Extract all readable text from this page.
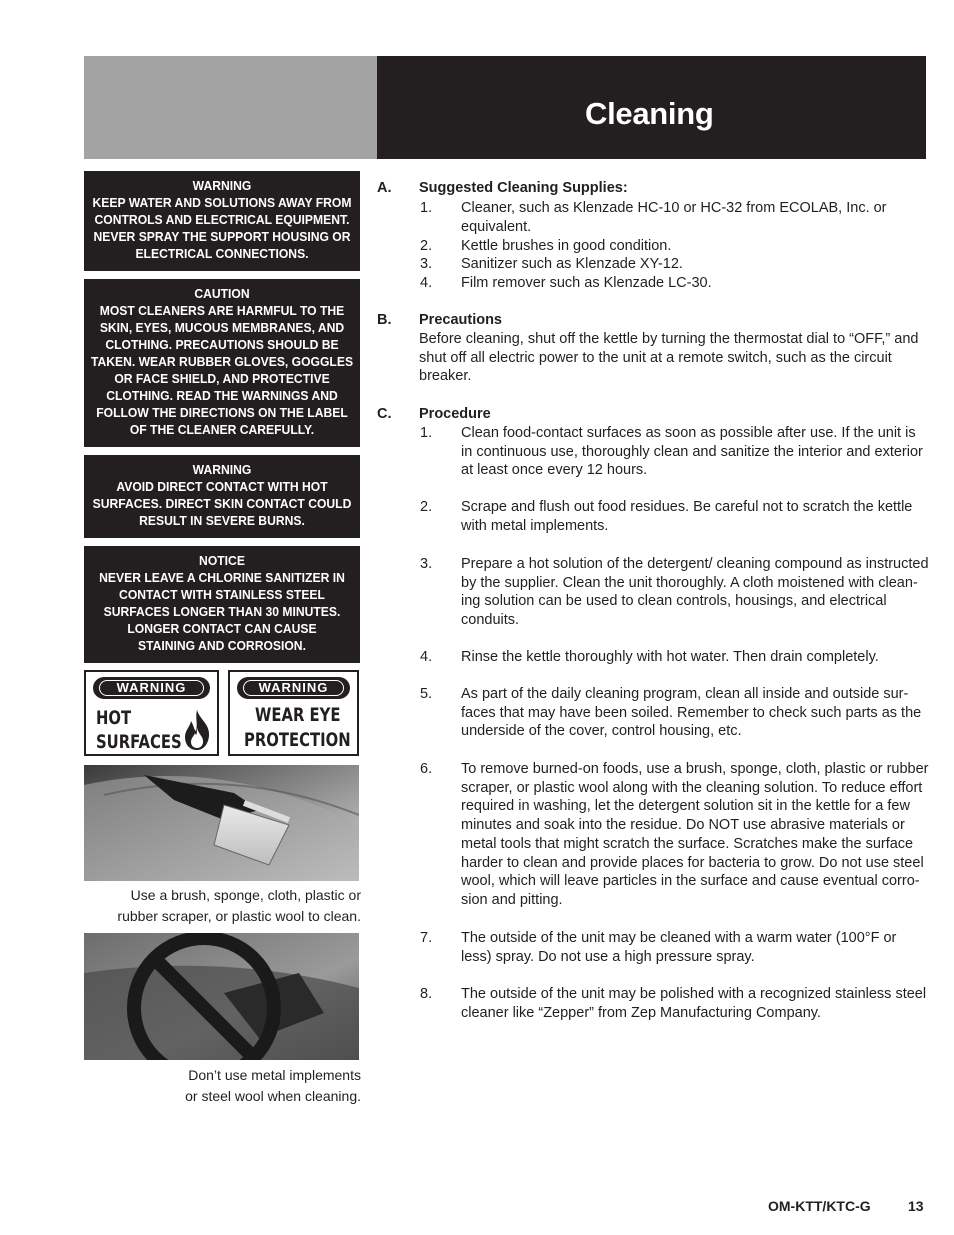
Cleaning
WARNING
KEEP WATER AND SOLUTIONS AWAY FROM
CONTROLS AND ELECTRICAL EQUIPMENT.
NEVER SPRAY THE SUPPORT HOUSING OR
ELECTRICAL CONNECTIONS.
CAUTION
MOST CLEANERS ARE HARMFUL TO THE
SKIN, EYES, MUCOUS MEMBRANES, AND
CLOTHING. PRECAUTIONS SHOULD BE
TAKEN. WEAR RUBBER GLOVES, GOGGLES
OR FACE SHIELD, AND PROTECTIVE
CLOTHING. READ THE WARNINGS AND
FOLLOW THE DIRECTIONS ON THE LABEL
OF THE CLEANER CAREFULLY.
WARNING
AVOID DIRECT CONTACT WITH HOT
SURFACES. DIRECT SKIN CONTACT COULD
RESULT IN SEVERE BURNS.
NOTICE
NEVER LEAVE A CHLORINE SANITIZER IN
CONTACT WITH STAINLESS STEEL
SURFACES LONGER THAN 30 MINUTES.
LONGER CONTACT CAN CAUSE
STAINING AND CORROSION.
WARNING
HOT
SURFACES
WARNING
WEAR EYE
PROTECTION
Use a brush, sponge, cloth, plastic or
rubber scraper, or plastic wool to clean.
Don’t use metal implements
or steel wool when cleaning.
A. Suggested Cleaning Supplies:
1. Cleaner, such as Klenzade HC-10 or HC-32 from ECOLAB, Inc. or equivalent.
2. Kettle brushes in good condition.
3. Sanitizer such as Klenzade XY-12.
4. Film remover such as Klenzade LC-30.
B. Precautions
Before cleaning, shut off the kettle by turning the thermostat dial to “OFF,” and shut off all electric power to the unit at a remote switch, such as the circuit breaker.
C. Procedure
1. Clean food-contact surfaces as soon as possible after use. If the unit is in continuous use, thoroughly clean and sanitize the interior and exterior at least once every 12 hours.
2. Scrape and flush out food residues. Be careful not to scratch the kettle with metal implements.
3. Prepare a hot solution of the detergent/ cleaning compound as instructed by the supplier. Clean the unit thoroughly. A cloth moistened with clean- ing solution can be used to clean controls, housings, and electrical conduits.
4. Rinse the kettle thoroughly with hot water. Then drain completely.
5. As part of the daily cleaning program, clean all inside and outside sur- faces that may have been soiled. Remember to check such parts as the underside of the cover, control housing, etc.
6. To remove burned-on foods, use a brush, sponge, cloth, plastic or rubber scraper, or plastic wool along with the cleaning solution. To reduce effort required in washing, let the detergent solution sit in the kettle for a few minutes and soak into the residue. Do NOT use abrasive materials or metal tools that might scratch the surface. Scratches make the surface harder to clean and provide places for bacteria to grow. Do not use steel wool, which will leave particles in the surface and cause eventual corro- sion and pitting.
7. The outside of the unit may be cleaned with a warm water (100°F or less) spray. Do not use a high pressure spray.
8. The outside of the unit may be polished with a recognized stainless steel cleaner like “Zepper” from Zep Manufacturing Company.
OM-KTT/KTC-G	13
